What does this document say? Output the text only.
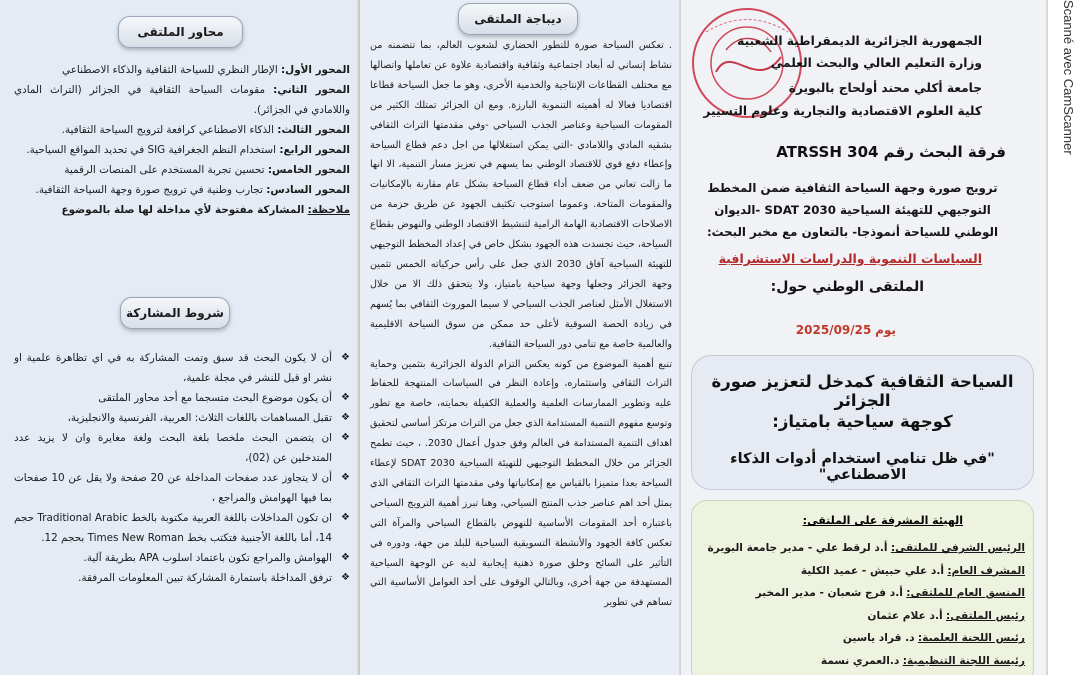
محاور الملتقى
المحور الأول: الإطار النظري للسياحة الثقافية والذكاء الاصطناعي
المحور الثاني: مقومات السياحة الثقافية في الجزائر (التراث المادي واللامادي في الجزائر).
المحور الثالث: الذكاء الاصطناعي كرافعة لترويج السياحة الثقافية.
المحور الرابع: استخدام النظم الجغرافية SIG في تحديد المواقع السياحية.
المحور الخامس: تحسين تجربة المستخدم على المنصات الرقمية
المحور السادس: تجارب وطنية في ترويج صورة وجهة السياحة الثقافية.
ملاحظة: المشاركة مفتوحة لأي مداخلة لها صلة بالموضوع
شروط المشاركة
❖ أن لا يكون البحث قد سبق وتمت المشاركة به في اي تظاهرة علمية او نشر او قبل للنشر في مجلة علمية،
❖ أن يكون موضوع البحث متسجما مع أحد محاور الملتقى
❖ تقبل المساهمات باللغات الثلاث: العربية، الفرنسية والانجليزية،
❖ ان يتضمن البحث ملخصا بلغة البحث ولغة مغايرة وان لا يزيد عدد المتدخلين عن (02)،
❖ أن لا يتجاوز عدد صفحات المداخلة عن 20 صفحة ولا يقل عن 10 صفحات بما فيها الهوامش والمراجع ،
❖ ان تكون المداخلات باللغة العربية مكتوبة بالخط Traditional Arabic حجم 14، أما باللغة الأجنبية فتكتب بخط Times New Roman بحجم 12.
❖ الهوامش والمراجع تكون باعتماد اسلوب APA بطريقة آلية.
❖ ترفق المداخلة باستمارة المشاركة تبين المعلومات المرفقة.
ديباجة الملتقى

. تعكس السياحة صورة للتطور الحضاري لشعوب العالم، بما تتضمنه من نشاط إنساني له أبعاد اجتماعية وثقافية واقتصادية علاوة عن تعاملها واتصالها مع مختلف القطاعات الإنتاجية والخدمية الأخرى، وهو ما جعل السياحة قطاعا اقتصاديا فعالا له أهميته التنموية البارزة. ومع ان الجزائر تمتلك الكثير من المقومات السياحية وعناصر الجذب السياحي -وفي مقدمتها التراث الثقافي بشقيه المادي واللامادي -التي يمكن استغلالها من اجل دعم قطاع السياحة وإعطاء دفع قوي للاقتصاد الوطني بما يسهم في تعزيز مسار التنمية، الا انها ما زالت تعاني من ضعف أداء قطاع السياحة بشكل عام مقارنة بالإمكانيات والمقومات المتاحة. وعموما استوجب تكثيف الجهود عن طريق حزمة من الاصلاحات الاقتصادية الهامة الرامية لتنشيط الاقتصاد الوطني والنهوض بقطاع السياحة، حيث تجسدت هذه الجهود بشكل خاص في إعداد المخطط التوجيهي للتهيئة السياحية آفاق 2030 الذي جعل على رأس حركياته الخمس تثمين وجهة الجزائر وجعلها وجهة سياحية بامتياز، ولا يتحقق ذلك الا من خلال الاستغلال الأمثل لعناصر الجذب السياحي لا سيما الموروث الثقافي بما يُسهم في زيادة الحصة السوقية لأعلى حد ممكن من سوق السياحة الاقليمية والعالمية خاصة مع تنامي دور السياحة الثقافية.

تنبع أهمية الموضوع من كونه يعكس التزام الدولة الجزائرية بتثمين وحماية التراث الثقافي واستثماره، وإعادة النظر في السياسات المنتهجة للحفاظ عليه وتطوير الممارسات العلمية والعملية الكفيلة بحمايته، خاصة مع تطور وتوسع مفهوم التنمية المستدامة الذي جعل من التراث مرتكز أساسي لتحقيق اهداف التنمية المستدامة في العالم وفق جدول أعمال 2030. ، حيث تطمح الجزائر من خلال المخطط التوجيهي للتهيئة السياحية SDAT 2030 لإعطاء السياحة بعدا متميزا بالقياس مع إمكانياتها وفي مقدمتها التراث الثقافي الذي يمثل أحد اهم عناصر جذب المنتج السياحي، وهنا تبرز أهمية الترويج السياحي باعتباره أحد المقومات الأساسية للنهوض بالقطاع السياحي والمرآة التي تعكس كافة الجهود والأنشطة التسويقية السياحية للبلد من جهة، ودوره في التأثير على السائح وخلق صورة ذهنية إيجابية لديه عن الوجهة السياحية المستهدفة من جهة أخرى، وبالتالي الوقوف على أحد العوامل الأساسية التي تساهم في تطوير

الجمهورية الجزائرية الديمقراطية الشعبية
وزارة التعليم العالي والبحث العلمي
جامعة أكلي محند أولحاج بالبويرة
كلية العلوم الاقتصادية والتجارية وعلوم التسيير
فرقة البحث رقم ATRSSH 304
ترويج صورة وجهة السياحة الثقافية ضمن المخطط التوجيهي للتهيئة السياحية SDAT 2030 -الديوان الوطني للسياحة أنموذجا- بالتعاون مع مخبر البحث:
السياسات التنموية والدراسات الاستشرافية
الملتقى الوطني حول:
يوم 2025/09/25
السياحة الثقافية كمدخل لتعزيز صورة الجزائر
كوجهة سياحية بامتياز:
"في ظل تنامي استخدام أدوات الذكاء الاصطناعي"
الهيئة المشرفة على الملتقى:
الرئيس الشرفي للملتقى: أ.د لرقط علي - مدير جامعة البويرة
المشرف العام: أ.د علي حبيش - عميد الكلية
المنسق العام للملتقى: أ.د فرج شعبان - مدير المخبر
رئيس الملتقى: أ.د علام عثمان
رئيس اللجنة العلمية: د. قراد ياسين
رئيسة اللجنة التنظيمية: د.العمري نسمة
Scanné avec CamScanner
